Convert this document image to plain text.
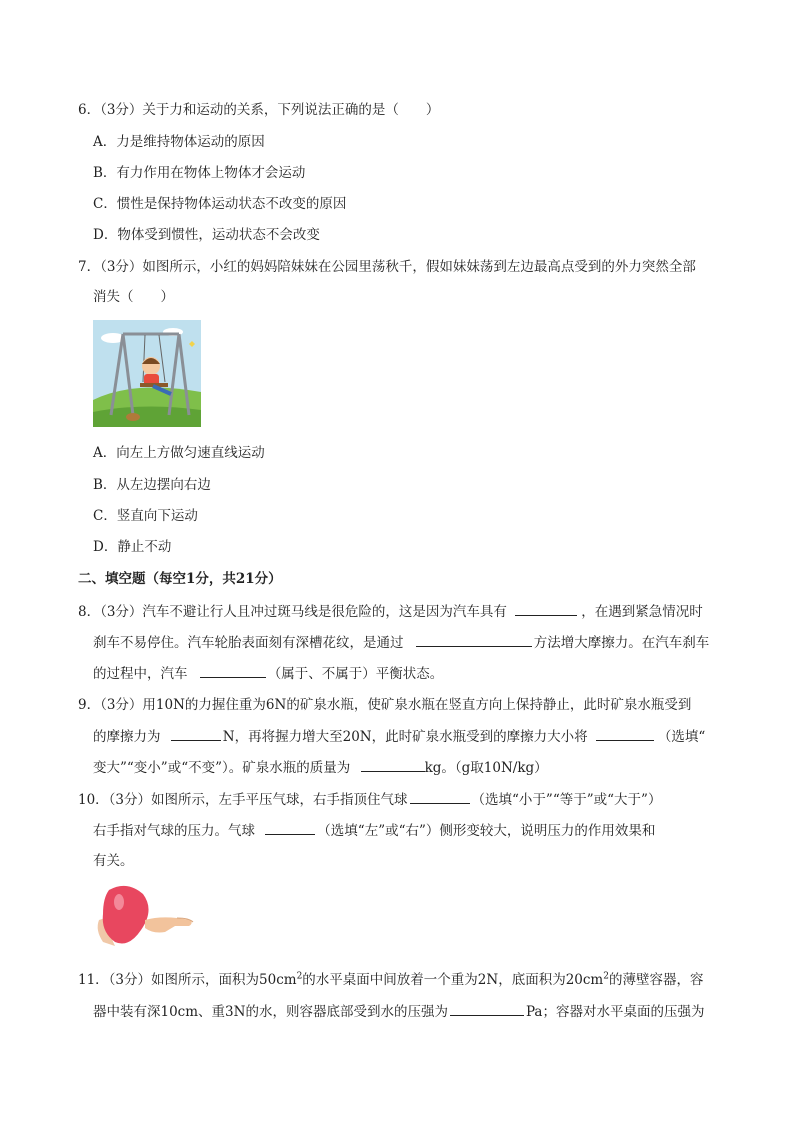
6．（3分）关于力和运动的关系，下列说法正确的是（　　）
A．力是维持物体运动的原因
B．有力作用在物体上物体才会运动
C．惯性是保持物体运动状态不改变的原因
D．物体受到惯性，运动状态不会改变
7．（3分）如图所示，小红的妈妈陪妹妹在公园里荡秋千，假如妹妹荡到左边最高点受到的外力突然全部
消失（　　）
A．向左上方做匀速直线运动
B．从左边摆向右边
C．竖直向下运动
D．静止不动
二、填空题（每空1分，共21分）
8．（3分）汽车不避让行人且冲过斑马线是很危险的，这是因为汽车具有	，在遇到紧急情况时
刹车不易停住。汽车轮胎表面刻有深槽花纹，是通过	方法增大摩擦力。在汽车刹车
的过程中，汽车	（属于、不属于）平衡状态。
9．（3分）用10N的力握住重为6N的矿泉水瓶，使矿泉水瓶在竖直方向上保持静止，此时矿泉水瓶受到
的摩擦力为	N，再将握力增大至20N，此时矿泉水瓶受到的摩擦力大小将	（选填“
变大”“变小”或“不变”）。矿泉水瓶的质量为	kg。（g取10N/kg）
10．（3分）如图所示，左手平压气球，右手指顶住气球	（选填“小于”“等于”或“大于”）
右手指对气球的压力。气球	（选填“左”或“右”）侧形变较大，说明压力的作用效果和
有关。
11．（3分）如图所示，面积为$50cm^2$的水平桌面中间放着一个重为2N，底面积为$20cm^2$的薄壁容器，容
器中装有深10cm、重3N的水，则容器底部受到水的压强为	Pa；容器对水平桌面的压强为
